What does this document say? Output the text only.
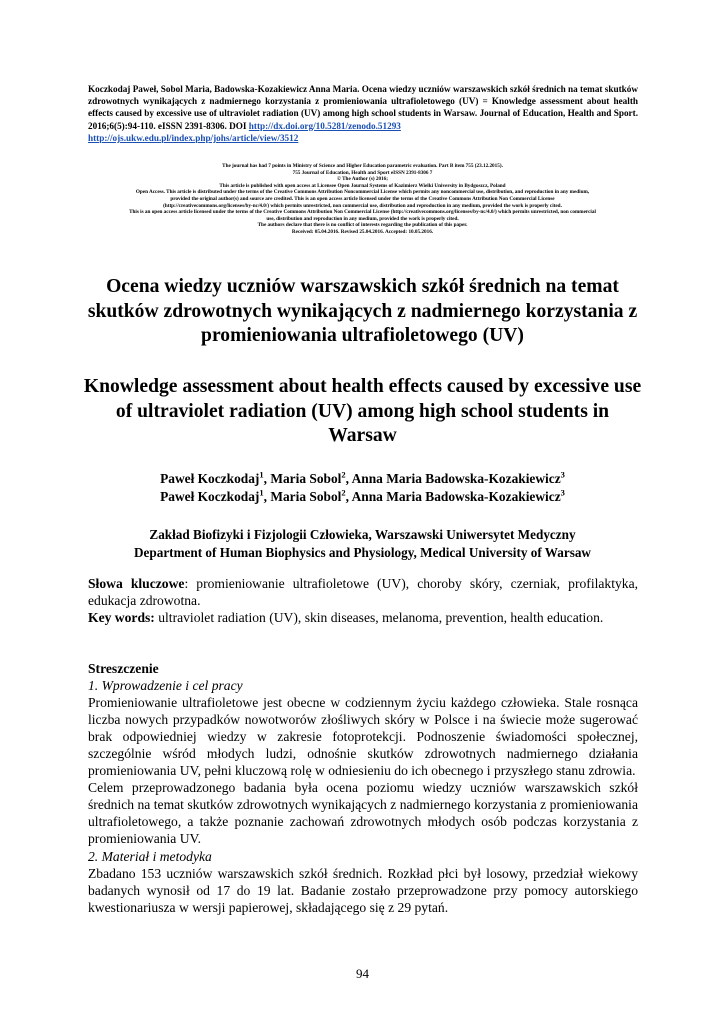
Koczkodaj Paweł, Sobol Maria, Badowska-Kozakiewicz Anna Maria. Ocena wiedzy uczniów warszawskich szkół średnich na temat skutków zdrowotnych wynikających z nadmiernego korzystania z promieniowania ultrafioletowego (UV) = Knowledge assessment about health effects caused by excessive use of ultraviolet radiation (UV) among high school students in Warsaw. Journal of Education, Health and Sport. 2016;6(5):94-110. eISSN 2391-8306. DOI http://dx.doi.org/10.5281/zenodo.51293
http://ojs.ukw.edu.pl/index.php/johs/article/view/3512
The journal has had 7 points in Ministry of Science and Higher Education parametric evaluation. Part B item 755 (23.12.2015).
755 Journal of Education, Health and Sport eISSN 2391-8306 7
© The Author (s) 2016;
This article is published with open access at Licensee Open Journal Systems of Kazimierz Wielki University in Bydgoszcz, Poland
Open Access. This article is distributed under the terms of the Creative Commons Attribution Noncommercial License which permits any noncommercial use, distribution, and reproduction in any medium,
provided the original author(s) and source are credited. This is an open access article licensed under the terms of the Creative Commons Attribution Non Commercial License
(http://creativecommons.org/licenses/by-nc/4.0/) which permits unrestricted, non commercial use, distribution and reproduction in any medium, provided the work is properly cited.
This is an open access article licensed under the terms of the Creative Commons Attribution Non Commercial License (http://creativecommons.org/licenses/by-nc/4.0/) which permits unrestricted, non commercial
use, distribution and reproduction in any medium, provided the work is properly cited.
The authors declare that there is no conflict of interests regarding the publication of this paper.
Received: 05.04.2016. Revised 25.04.2016. Accepted: 10.05.2016.
Ocena wiedzy uczniów warszawskich szkół średnich na temat skutków zdrowotnych wynikających z nadmiernego korzystania z promieniowania ultrafioletowego (UV)
Knowledge assessment about health effects caused by excessive use of ultraviolet radiation (UV) among high school students in Warsaw
Paweł Koczkodaj$^1$, Maria Sobol$^2$, Anna Maria Badowska-Kozakiewicz$^3$
Paweł Koczkodaj$^1$, Maria Sobol$^2$, Anna Maria Badowska-Kozakiewicz$^3$
Zakład Biofizyki i Fizjologii Człowieka, Warszawski Uniwersytet Medyczny
Department of Human Biophysics and Physiology, Medical University of Warsaw
Słowa kluczowe: promieniowanie ultrafioletowe (UV), choroby skóry, czerniak, profilaktyka, edukacja zdrowotna.
Key words: ultraviolet radiation (UV), skin diseases, melanoma, prevention, health education.
Streszczenie
1. Wprowadzenie i cel pracy

Promieniowanie ultrafioletowe jest obecne w codziennym życiu każdego człowieka. Stale rosnąca liczba nowych przypadków nowotworów złośliwych skóry w Polsce i na świecie może sugerować brak odpowiedniej wiedzy w zakresie fotoprotekcji. Podnoszenie świadomości społecznej, szczególnie wśród młodych ludzi, odnośnie skutków zdrowotnych nadmiernego działania promieniowania UV, pełni kluczową rolę w odniesieniu do ich obecnego i przyszłego stanu zdrowia.

Celem przeprowadzonego badania była ocena poziomu wiedzy uczniów warszawskich szkół średnich na temat skutków zdrowotnych wynikających z nadmiernego korzystania z promieniowania ultrafioletowego, a także poznanie zachowań zdrowotnych młodych osób podczas korzystania z promieniowania UV.

2. Materiał i metodyka

Zbadano 153 uczniów warszawskich szkół średnich. Rozkład płci był losowy, przedział wiekowy badanych wynosił od 17 do 19 lat. Badanie zostało przeprowadzone przy pomocy autorskiego kwestionariusza w wersji papierowej, składającego się z 29 pytań.

94
